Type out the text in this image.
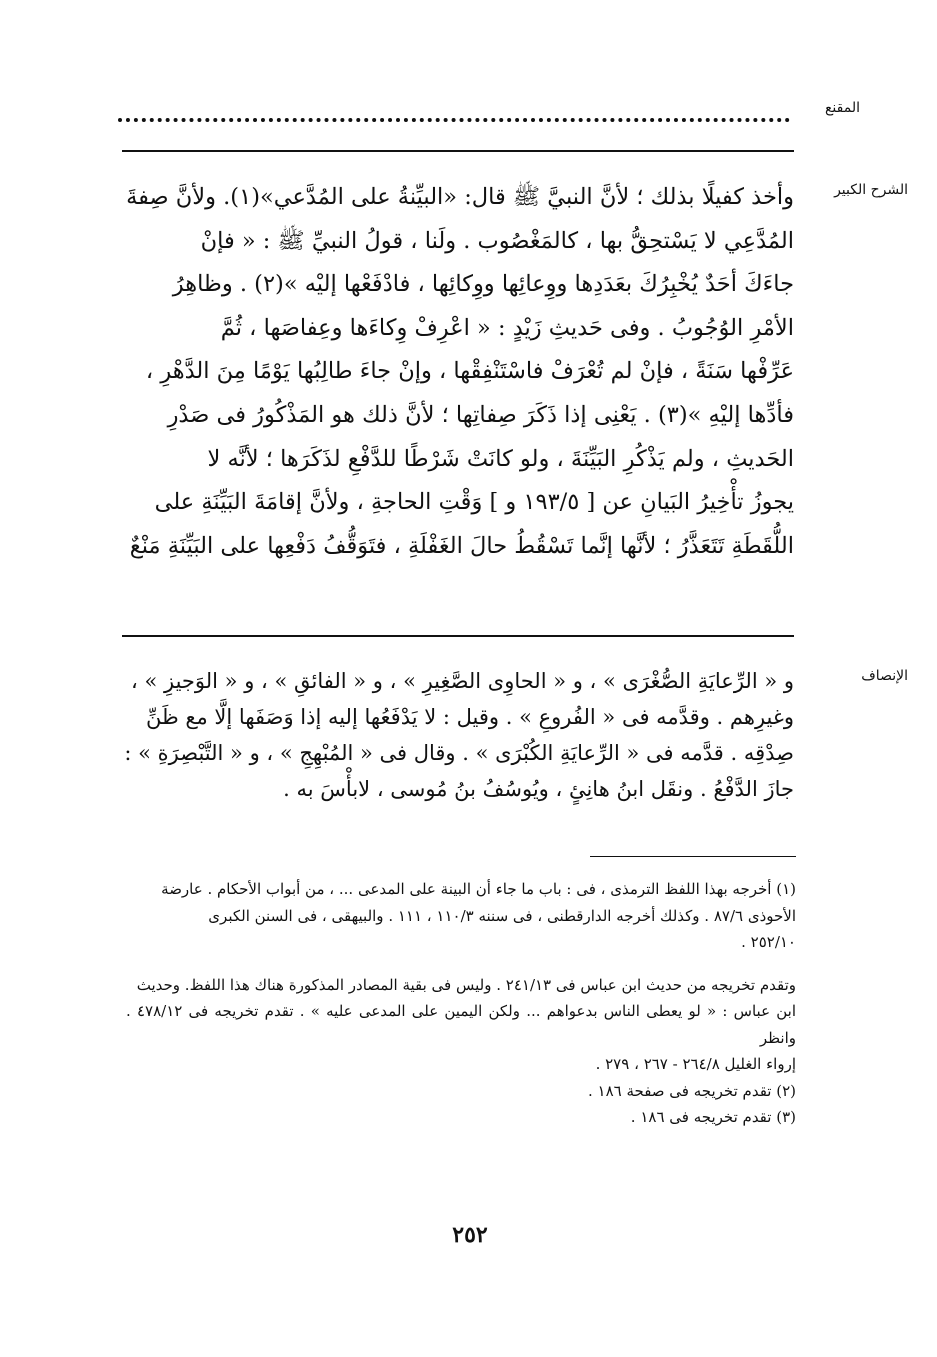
المقنع
الشرح الكبير

وأخذ كفيلًا بذلك ؛ لأنَّ النبيَّ ﷺ قال: «البيِّنةُ على المُدَّعي»(١). ولأنَّ صِفةَ

المُدَّعِي لا يَسْتحِقُّ بها ، كالمَغْصُوب . ولَنا ، قولُ النبيِّ ﷺ : « فإنْ

جاءَكَ أحَدٌ يُخْبِرُكَ بعَدَدِها ووِعائِها ووِكائِها ، فادْفَعْها إليْه »(٢) . وظاهِرُ

الأمْرِ الوُجُوبُ . وفى حَديثِ زَيْدٍ : « اعْرِفْ وِكاءَها وعِفاصَها ، ثُمَّ

عَرِّفْها سَنَةً ، فإنْ لم تُعْرَفْ فاسْتَنْفِقْها ، وإنْ جاءَ طالِبُها يَوْمًا مِنَ الدَّهْرِ ،

فأدِّها إليْهِ »(٣) . يَعْنِى إذا ذَكَرَ صِفاتِها ؛ لأنَّ ذلك هو المَذْكُورُ فى صَدْرِ

الحَديثِ ، ولم يَذْكُرِ البَيِّنَةَ ، ولو كانَتْ شَرْطًا للدَّفْعِ لذَكَرَها ؛ لأنَّه لا

يجوزُ تأْخِيرُ البَيانِ عن [ ١٩٣/٥ و ] وَقْتِ الحاجةِ ، ولأنَّ إقامَةَ البَيِّنَةِ على

اللُّقَطَةِ تَتَعَذَّرُ ؛ لأنَّها إنَّما تَسْقُطُ حالَ الغَفْلَةِ ، فتَوَقُّفُ دَفْعِها على البَيِّنَةِ مَنْعٌ

الإنصاف

و « الرِّعايَةِ الصُّغْرَى » ، و « الحاوِى الصَّغِيرِ » ، و « الفائقِ » ، و « الوَجيزِ » ،

وغيرِهم . وقدَّمه فى « الفُروعِ » . وقيل : لا يَدْفَعُها إليه إذا وَصَفَها إلَّا مع ظَنِّ

صِدْقِه . قدَّمه فى « الرِّعايَةِ الكُبْرَى » . وقال فى « المُبْهِجِ » ، و « التَّبْصِرَةِ » :

جازَ الدَّفْعُ . ونقَل ابنُ هانِئٍ ، ويُوسُفُ بنُ مُوسى ، لابأْسَ به .

(١) أخرجه بهذا اللفظ الترمذى ، فى : باب ما جاء أن البينة على المدعى ... ، من أبواب الأحكام . عارضة

الأحوذى ٨٧/٦ . وكذلك أخرجه الدارقطنى ، فى سننه ١١٠/٣ ، ١١١ . والبيهقى ، فى السنن الكبرى

٢٥٢/١٠ .

وتقدم تخريجه من حديث ابن عباس فى ٢٤١/١٣ . وليس فى بقية المصادر المذكورة هناك هذا اللفظ. وحديث

ابن عباس : « لو يعطى الناس بدعواهم ... ولكن اليمين على المدعى عليه » . تقدم تخريجه فى ٤٧٨/١٢ . وانظر

إرواء الغليل ٢٦٤/٨ - ٢٦٧ ، ٢٧٩ .

(٢) تقدم تخريجه فى صفحة ١٨٦ .

(٣) تقدم تخريجه فى ١٨٦ .

٢٥٢
